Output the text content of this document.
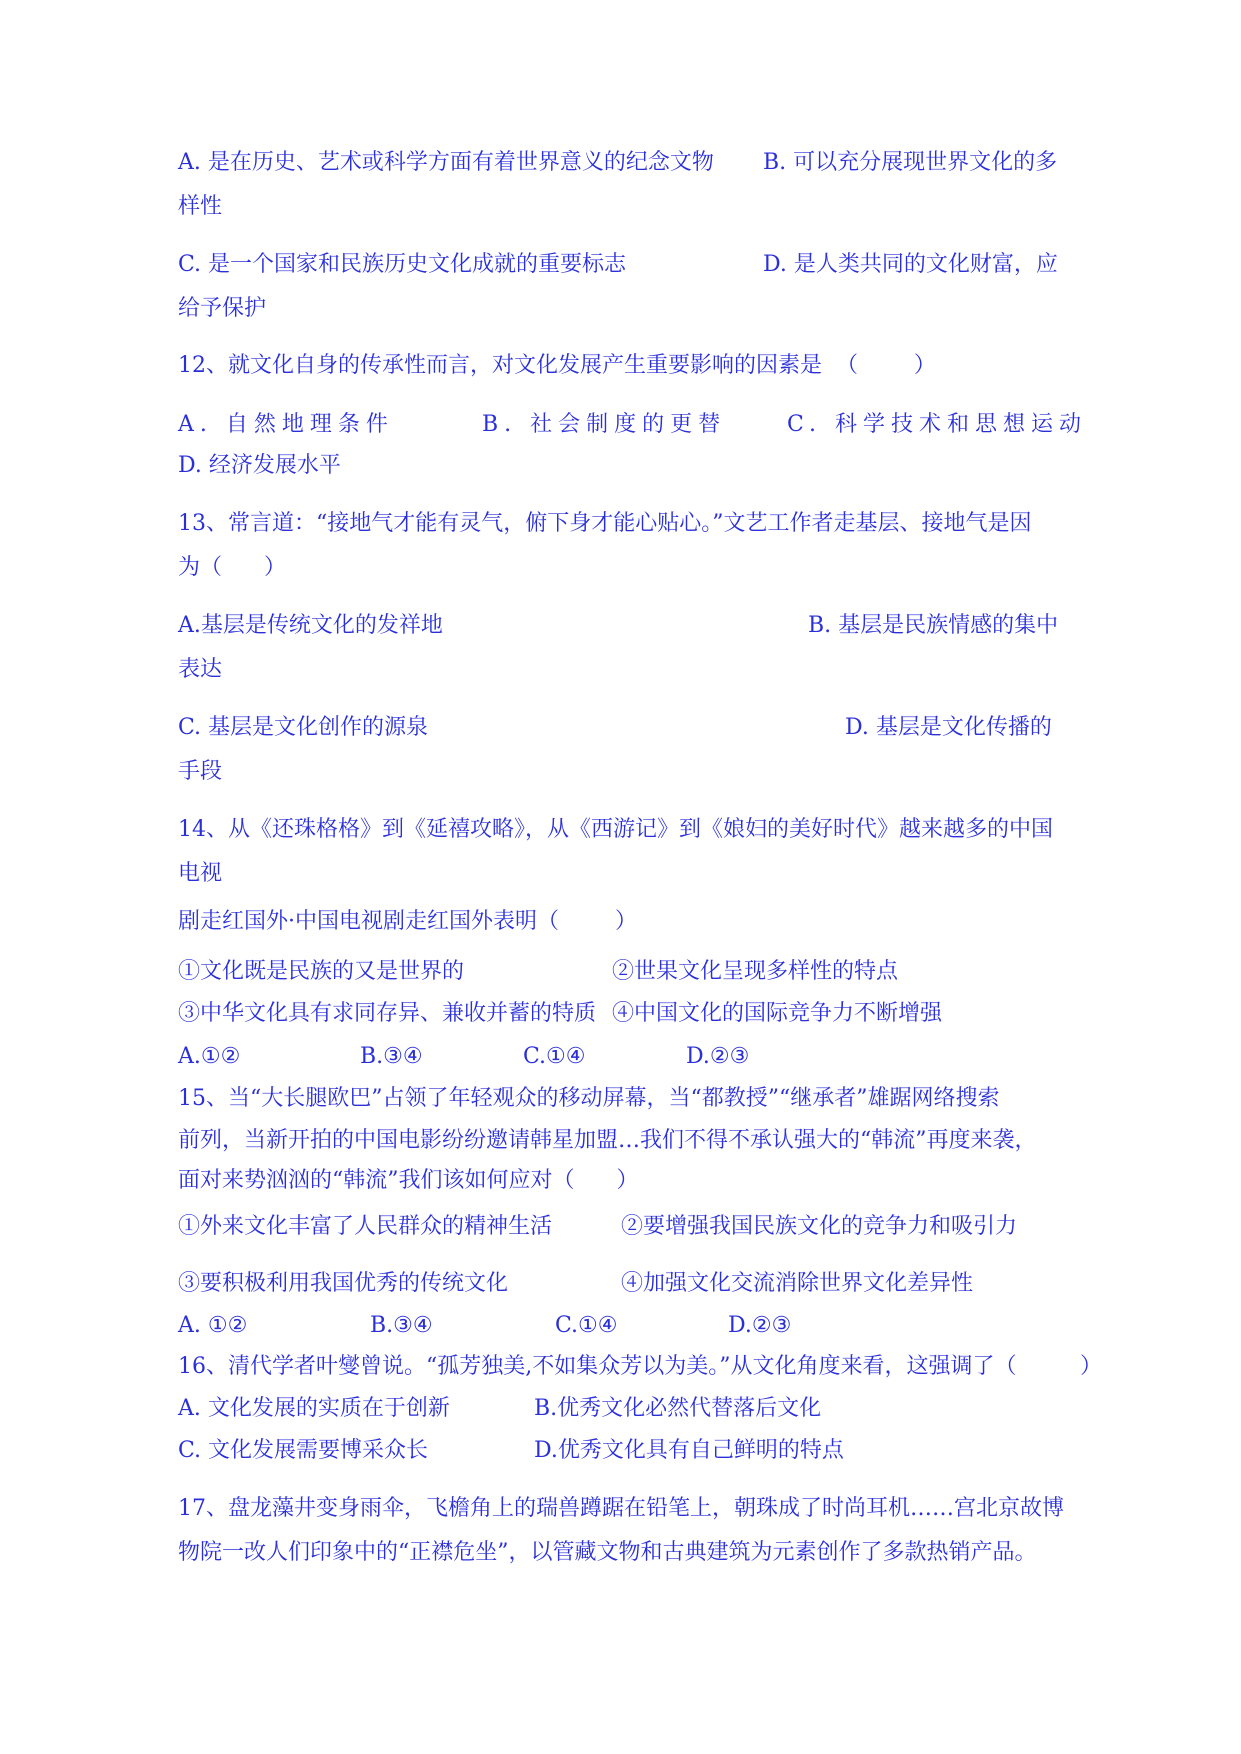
A. 是在历史、艺术或科学方面有着世界意义的纪念文物 B. 可以充分展现世界文化的多
样性
C. 是一个国家和民族历史文化成就的重要标志	D. 是人类共同的文化财富，应
给予保护
12、就文化自身的传承性而言，对文化发展产生重要影响的因素是  （        ）
A. 自然地理条件	B. 社会制度的更替	C. 科学技术和思想运动
D. 经济发展水平
13、常言道：“接地气才能有灵气，俯下身才能心贴心。”文艺工作者走基层、接地气是因
为（      ）
A.基层是传统文化的发祥地	B. 基层是民族情感的集中
表达
C. 基层是文化创作的源泉	D. 基层是文化传播的
手段
14、从《还珠格格》到《延禧攻略》，从《西游记》到《娘妇的美好时代》越来越多的中国
电视
剧走红国外·中国电视剧走红国外表明（        ）
①文化既是民族的又是世界的	②世果文化呈现多样性的特点
③中华文化具有求同存异、兼收并蓄的特质 ④中国文化的国际竞争力不断增强
A.①②	B.③④	C.①④	D.②③
15、当“大长腿欧巴”占领了年轻观众的移动屏幕，当“都教授”“继承者”雄踞网络搜索
前列，当新开拍的中国电影纷纷邀请韩星加盟…我们不得不承认强大的“韩流”再度来袭，
面对来势汹汹的“韩流”我们该如何应对（      ）
①外来文化丰富了人民群众的精神生活	②要增强我国民族文化的竞争力和吸引力
③要积极利用我国优秀的传统文化	④加强文化交流消除世界文化差异性
A. ①②	B.③④	C.①④	D.②③
16、清代学者叶燮曾说。“孤芳独美,不如集众芳以为美。”从文化角度来看，这强调了（	）
A. 文化发展的实质在于创新	B.优秀文化必然代替落后文化
C. 文化发展需要博采众长	D.优秀文化具有自己鲜明的特点
17、盘龙藻井变身雨伞，飞檐角上的瑞兽蹲踞在铅笔上，朝珠成了时尚耳机……宫北京故博
物院一改人们印象中的“正襟危坐”，以管藏文物和古典建筑为元素创作了多款热销产品。
